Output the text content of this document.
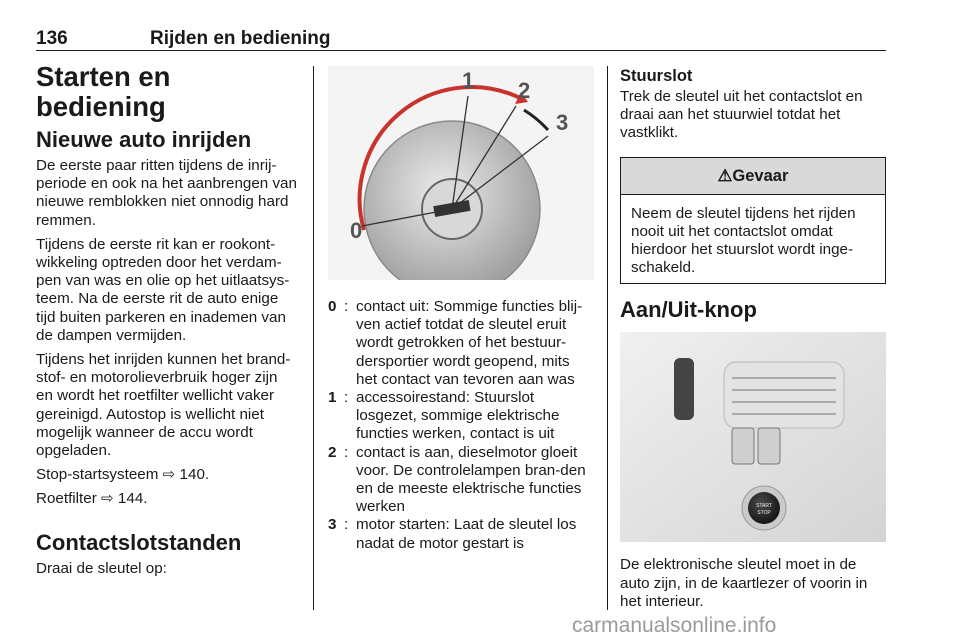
136	Rijden en bediening
Starten en bediening
Nieuwe auto inrijden

De eerste paar ritten tijdens de inrij-periode en ook na het aanbrengen van nieuwe remblokken niet onnodig hard remmen.

Tijdens de eerste rit kan er rookont-wikkeling optreden door het verdam-pen van was en olie op het uitlaatsys-teem. Na de eerste rit de auto enige tijd buiten parkeren en inademen van de dampen vermijden.

Tijdens het inrijden kunnen het brand-stof- en motorolieverbruik hoger zijn en wordt het roetfilter wellicht vaker gereinigd. Autostop is wellicht niet mogelijk wanneer de accu wordt opgeladen.

Stop-startsysteem ⇨ 140.

Roetfilter ⇨ 144.

Contactslotstanden

Draai de sleutel op:

0
1 2
3
0 : contact uit: Sommige functies blij-ven actief totdat de sleutel eruit wordt getrokken of het bestuur-dersportier wordt geopend, mits het contact van tevoren aan was
1 : accessoirestand: Stuurslot losgezet, sommige elektrische functies werken, contact is uit
2 : contact is aan, dieselmotor gloeit voor. De controlelampen bran-den en de meeste elektrische functies werken
3 : motor starten: Laat de sleutel los nadat de motor gestart is
Stuurslot

Trek de sleutel uit het contactslot en draai aan het stuurwiel totdat het vastklikt.

⚠Gevaar

Neem de sleutel tijdens het rijden nooit uit het contactslot omdat hierdoor het stuurslot wordt inge-schakeld.

Aan/Uit-knop
START
STOP

De elektronische sleutel moet in de auto zijn, in de kaartlezer of voorin in het interieur.

carmanualsonline.info
